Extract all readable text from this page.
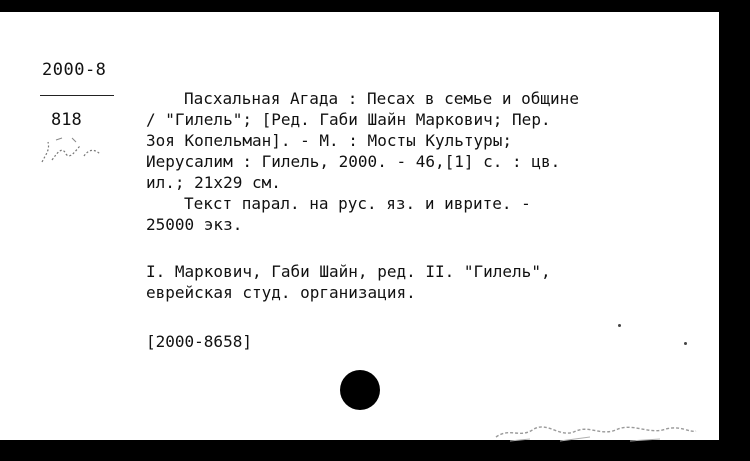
2000-8
818

Пасхальная Агада : Песах в семье и общине

/ "Гилель"; [Ред. Габи Шайн Маркович; Пер.

Зоя Копельман]. - М. : Мосты Культуры;

Иерусалим : Гилель, 2000. - 46,[1] с. : цв.

ил.; 21х29 см.

Текст парал. на рус. яз. и иврите. -

25000 экз.

I. Маркович, Габи Шайн, ред. II. "Гилель",

еврейская студ. организация.

[2000-8658]
